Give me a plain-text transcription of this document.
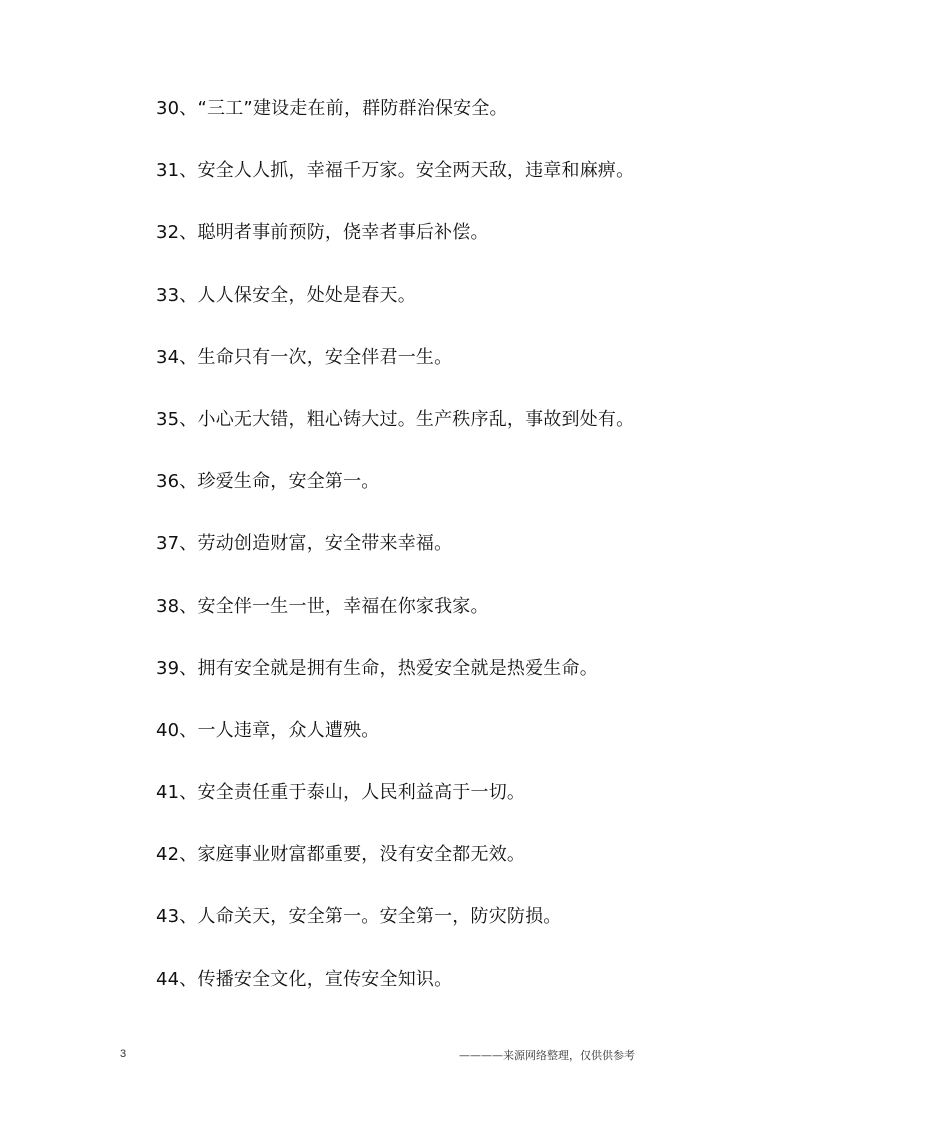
30、“三工”建设走在前，群防群治保安全。
31、安全人人抓，幸福千万家。安全两天敌，违章和麻痹。
32、聪明者事前预防，侥幸者事后补偿。
33、人人保安全，处处是春天。
34、生命只有一次，安全伴君一生。
35、小心无大错，粗心铸大过。生产秩序乱，事故到处有。
36、珍爱生命，安全第一。
37、劳动创造财富，安全带来幸福。
38、安全伴一生一世，幸福在你家我家。
39、拥有安全就是拥有生命，热爱安全就是热爱生命。
40、一人违章，众人遭殃。
41、安全责任重于泰山，人民利益高于一切。
42、家庭事业财富都重要，没有安全都无效。
43、人命关天，安全第一。安全第一，防灾防损。
44、传播安全文化，宣传安全知识。
3	————来源网络整理，仅供供参考
